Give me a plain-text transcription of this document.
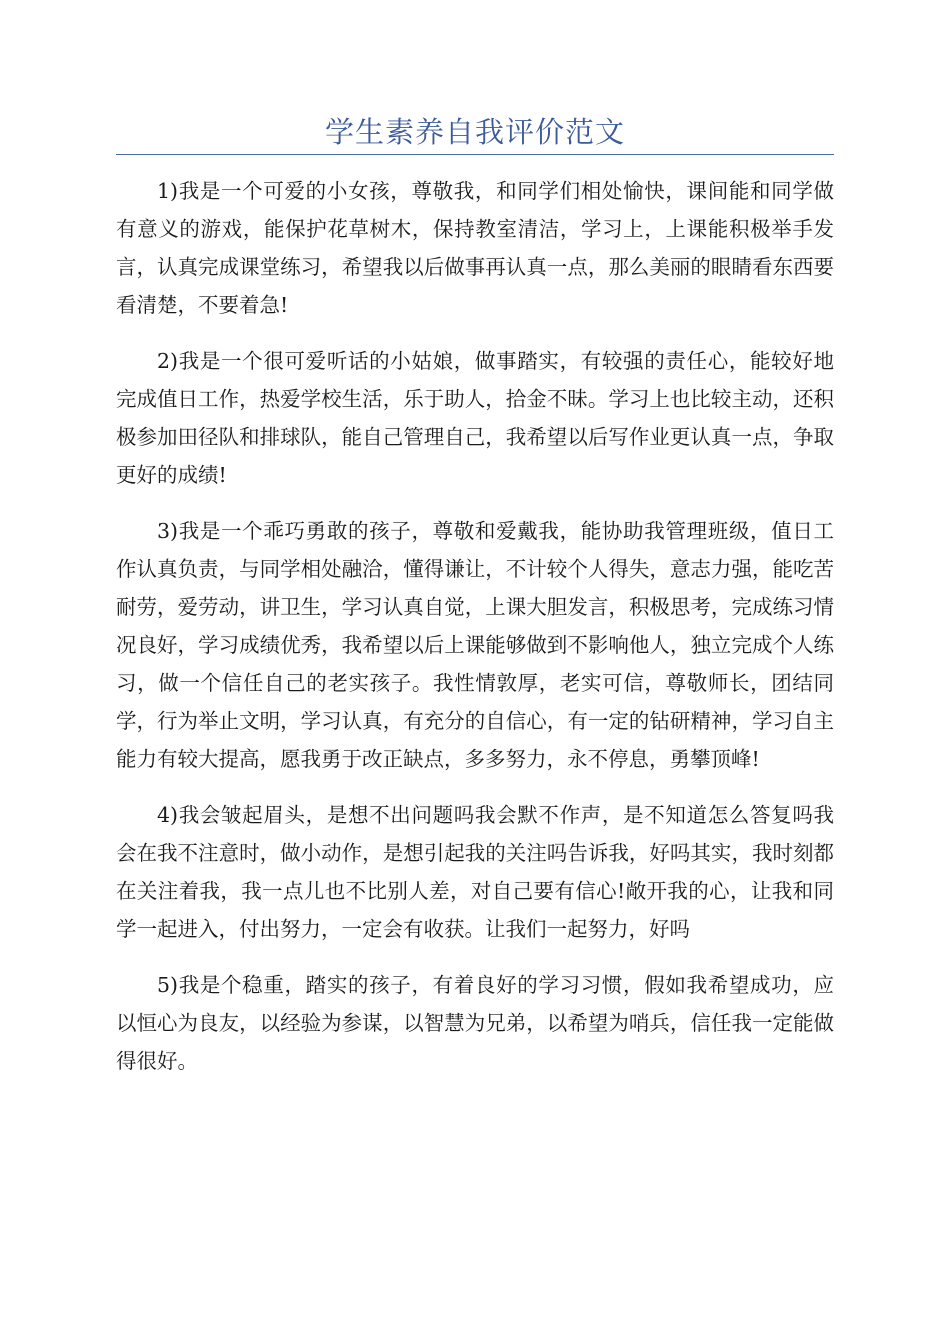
学生素养自我评价范文

1)我是一个可爱的小女孩，尊敬我，和同学们相处愉快，课间能和同学做有意义的游戏，能保护花草树木，保持教室清洁，学习上，上课能积极举手发言，认真完成课堂练习，希望我以后做事再认真一点，那么美丽的眼睛看东西要看清楚，不要着急!

2)我是一个很可爱听话的小姑娘，做事踏实，有较强的责任心，能较好地完成值日工作，热爱学校生活，乐于助人，拾金不昧。学习上也比较主动，还积极参加田径队和排球队，能自己管理自己，我希望以后写作业更认真一点，争取更好的成绩!

3)我是一个乖巧勇敢的孩子，尊敬和爱戴我，能协助我管理班级，值日工作认真负责，与同学相处融洽，懂得谦让，不计较个人得失，意志力强，能吃苦耐劳，爱劳动，讲卫生，学习认真自觉，上课大胆发言，积极思考，完成练习情况良好，学习成绩优秀，我希望以后上课能够做到不影响他人，独立完成个人练习，做一个信任自己的老实孩子。我性情敦厚，老实可信，尊敬师长，团结同学，行为举止文明，学习认真，有充分的自信心，有一定的钻研精神，学习自主能力有较大提高，愿我勇于改正缺点，多多努力，永不停息，勇攀顶峰!

4)我会皱起眉头，是想不出问题吗我会默不作声，是不知道怎么答复吗我会在我不注意时，做小动作，是想引起我的关注吗告诉我，好吗其实，我时刻都在关注着我，我一点儿也不比别人差，对自己要有信心!敞开我的心，让我和同学一起进入，付出努力，一定会有收获。让我们一起努力，好吗

5)我是个稳重，踏实的孩子，有着良好的学习习惯，假如我希望成功，应以恒心为良友，以经验为参谋，以智慧为兄弟，以希望为哨兵，信任我一定能做得很好。
